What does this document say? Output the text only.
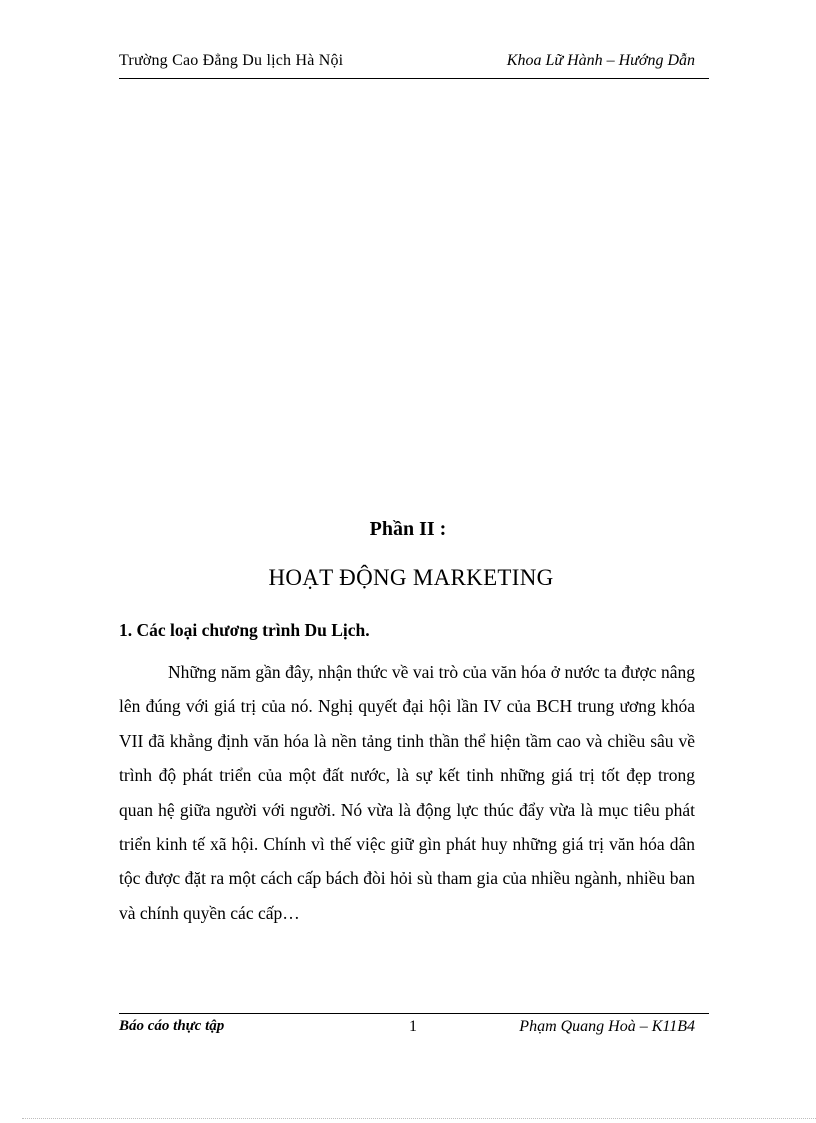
Trường Cao Đẳng Du lịch Hà Nội	Khoa Lữ Hành – Hướng Dẫn
Phần II :
HOẠT ĐỘNG MARKETING
1. Các loại chương trình Du Lịch.

Những năm gần đây, nhận thức về vai trò của văn hóa ở nước ta được nâng lên đúng với giá trị của nó. Nghị quyết đại hội lần IV của BCH trung ương khóa VII đã khẳng định văn hóa là nền tảng tinh thần thể hiện tầm cao và chiều sâu về trình độ phát triển của một đất nước, là sự kết tinh những giá trị tốt đẹp trong quan hệ giữa người với người. Nó vừa là động lực thúc đẩy vừa là mục tiêu phát triển kinh tế xã hội. Chính vì thế việc giữ gìn phát huy những giá trị văn hóa dân tộc được đặt ra một cách cấp bách đòi hỏi sù tham gia của nhiều ngành, nhiều ban và chính quyền các cấp…

Báo cáo thực tập	1	Phạm Quang Hoà – K11B4
